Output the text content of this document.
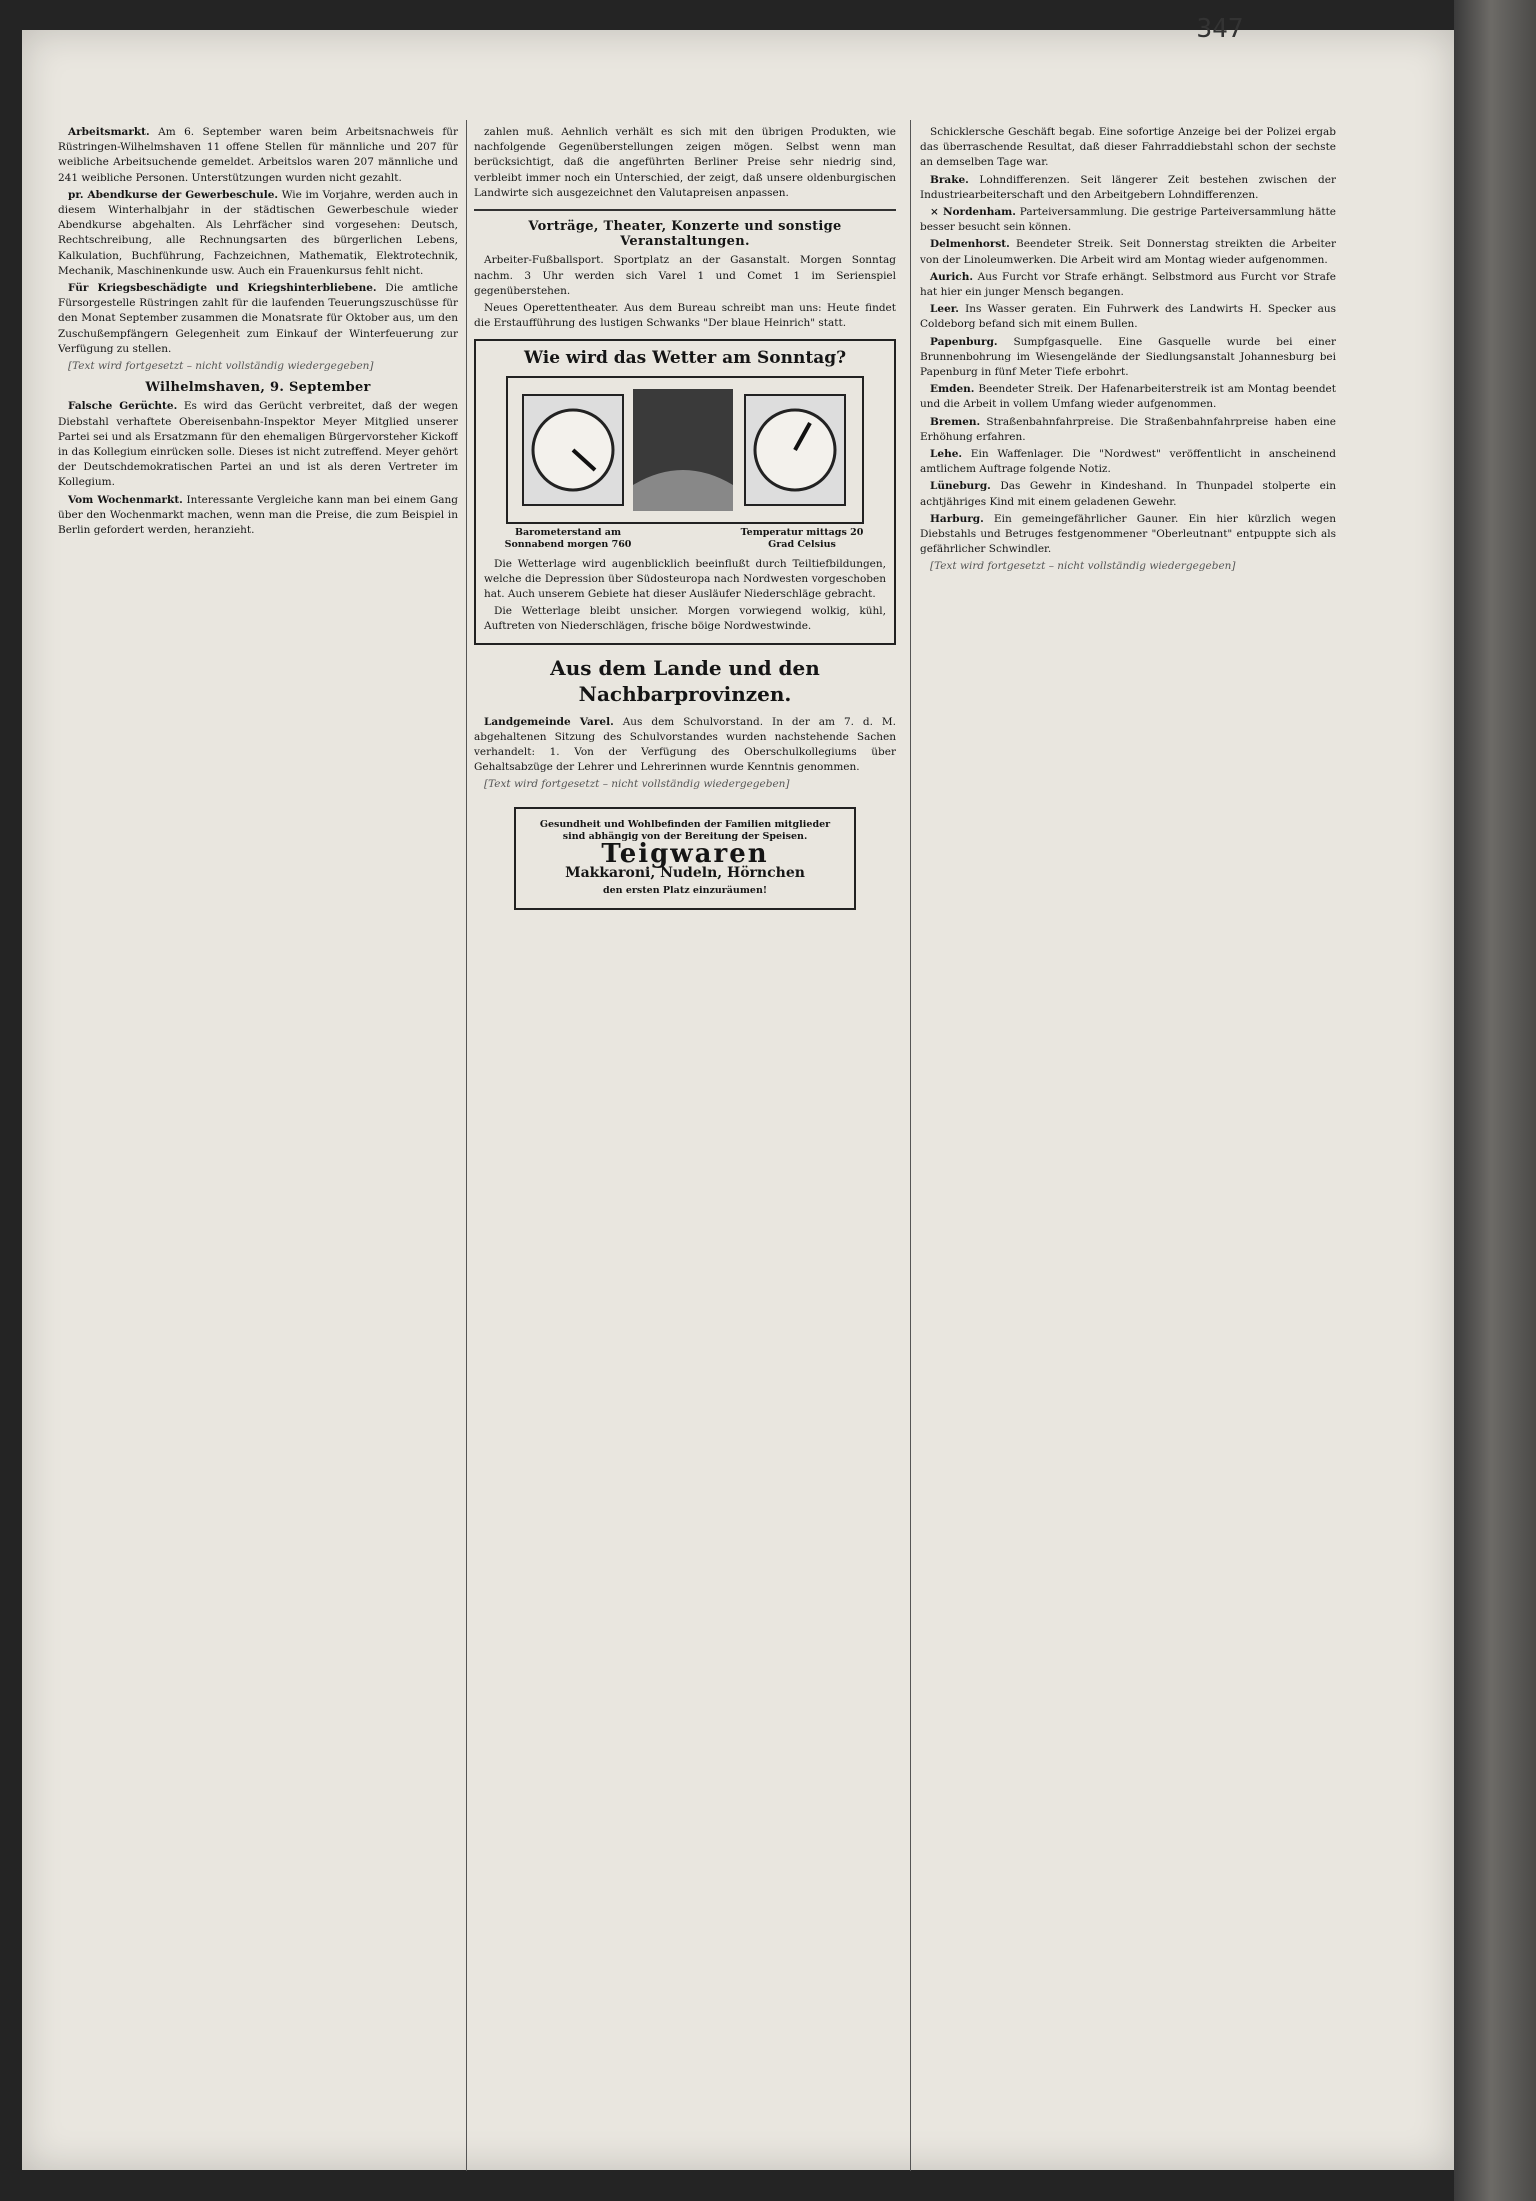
347

Arbeitsmarkt. Am 6. September waren beim Arbeitsnachweis für Rüstringen-Wilhelmshaven 11 offene Stellen für männliche und 207 für weibliche Arbeitsuchende gemeldet. Arbeitslos waren 207 männliche und 241 weibliche Personen. Unterstützungen wurden nicht gezahlt.

pr. Abendkurse der Gewerbeschule. Wie im Vorjahre, werden auch in diesem Winterhalbjahr in der städtischen Gewerbeschule wieder Abendkurse abgehalten. Als Lehrfächer sind vorgesehen: Deutsch, Rechtschreibung, alle Rechnungsarten des bürgerlichen Lebens, Kalkulation, Buchführung, Fachzeichnen, Mathematik, Elektrotechnik, Mechanik, Maschinenkunde usw. Auch ein Frauenkursus fehlt nicht.

Für Kriegsbeschädigte und Kriegshinterbliebene. Die amtliche Fürsorgestelle Rüstringen zahlt für die laufenden Teuerungszuschüsse für den Monat September zusammen die Monatsrate für Oktober aus, um den Zuschußempfängern Gelegenheit zum Einkauf der Winterfeuerung zur Verfügung zu stellen.

[Text wird fortgesetzt – nicht vollständig wiedergegeben]

Wilhelmshaven, 9. September

Falsche Gerüchte. Es wird das Gerücht verbreitet, daß der wegen Diebstahl verhaftete Obereisenbahn-Inspektor Meyer Mitglied unserer Partei sei und als Ersatzmann für den ehemaligen Bürgervorsteher Kickoff in das Kollegium einrücken solle. Dieses ist nicht zutreffend. Meyer gehört der Deutschdemokratischen Partei an und ist als deren Vertreter im Kollegium.

Vom Wochenmarkt. Interessante Vergleiche kann man bei einem Gang über den Wochenmarkt machen, wenn man die Preise, die zum Beispiel in Berlin gefordert werden, heranzieht.

zahlen muß. Aehnlich verhält es sich mit den übrigen Produkten, wie nachfolgende Gegenüberstellungen zeigen mögen. Selbst wenn man berücksichtigt, daß die angeführten Berliner Preise sehr niedrig sind, verbleibt immer noch ein Unterschied, der zeigt, daß unsere oldenburgischen Landwirte sich ausgezeichnet den Valutapreisen anpassen.

Vorträge, Theater, Konzerte und sonstige Veranstaltungen.

Arbeiter-Fußballsport. Sportplatz an der Gasanstalt. Morgen Sonntag nachm. 3 Uhr werden sich Varel 1 und Comet 1 im Serienspiel gegenüberstehen.

Neues Operettentheater. Aus dem Bureau schreibt man uns: Heute findet die Erstaufführung des lustigen Schwanks "Der blaue Heinrich" statt.

Wie wird das Wetter am Sonntag?
Barometerstand am Sonnabend morgen 760
Temperatur mittags 20 Grad Celsius

Die Wetterlage wird augenblicklich beeinflußt durch Teiltiefbildungen, welche die Depression über Südosteuropa nach Nordwesten vorgeschoben hat. Auch unserem Gebiete hat dieser Ausläufer Niederschläge gebracht.

Die Wetterlage bleibt unsicher. Morgen vorwiegend wolkig, kühl, Auftreten von Niederschlägen, frische böige Nordwestwinde.

Aus dem Lande und den Nachbarprovinzen.

Landgemeinde Varel. Aus dem Schulvorstand. In der am 7. d. M. abgehaltenen Sitzung des Schulvorstandes wurden nachstehende Sachen verhandelt: 1. Von der Verfügung des Oberschulkollegiums über Gehaltsabzüge der Lehrer und Lehrerinnen wurde Kenntnis genommen.

[Text wird fortgesetzt – nicht vollständig wiedergegeben]

Gesundheit und Wohlbefinden der Familien mitglieder sind abhängig von der Bereitung der Speisen.
Teigwaren
Makkaroni, Nudeln, Hörnchen
den ersten Platz einzuräumen!

Schicklersche Geschäft begab. Eine sofortige Anzeige bei der Polizei ergab das überraschende Resultat, daß dieser Fahrraddiebstahl schon der sechste an demselben Tage war.

Brake. Lohndifferenzen. Seit längerer Zeit bestehen zwischen der Industriearbeiterschaft und den Arbeitgebern Lohndifferenzen.

× Nordenham. Parteiversammlung. Die gestrige Parteiversammlung hätte besser besucht sein können.

Delmenhorst. Beendeter Streik. Seit Donnerstag streikten die Arbeiter von der Linoleumwerken. Die Arbeit wird am Montag wieder aufgenommen.

Aurich. Aus Furcht vor Strafe erhängt. Selbstmord aus Furcht vor Strafe hat hier ein junger Mensch begangen.

Leer. Ins Wasser geraten. Ein Fuhrwerk des Landwirts H. Specker aus Coldeborg befand sich mit einem Bullen.

Papenburg. Sumpfgasquelle. Eine Gasquelle wurde bei einer Brunnenbohrung im Wiesengelände der Siedlungsanstalt Johannesburg bei Papenburg in fünf Meter Tiefe erbohrt.

Emden. Beendeter Streik. Der Hafenarbeiterstreik ist am Montag beendet und die Arbeit in vollem Umfang wieder aufgenommen.

Bremen. Straßenbahnfahrpreise. Die Straßenbahnfahrpreise haben eine Erhöhung erfahren.

Lehe. Ein Waffenlager. Die "Nordwest" veröffentlicht in anscheinend amtlichem Auftrage folgende Notiz.

Lüneburg. Das Gewehr in Kindeshand. In Thunpadel stolperte ein achtjähriges Kind mit einem geladenen Gewehr.

Harburg. Ein gemeingefährlicher Gauner. Ein hier kürzlich wegen Diebstahls und Betruges festgenommener "Oberleutnant" entpuppte sich als gefährlicher Schwindler.

[Text wird fortgesetzt – nicht vollständig wiedergegeben]
